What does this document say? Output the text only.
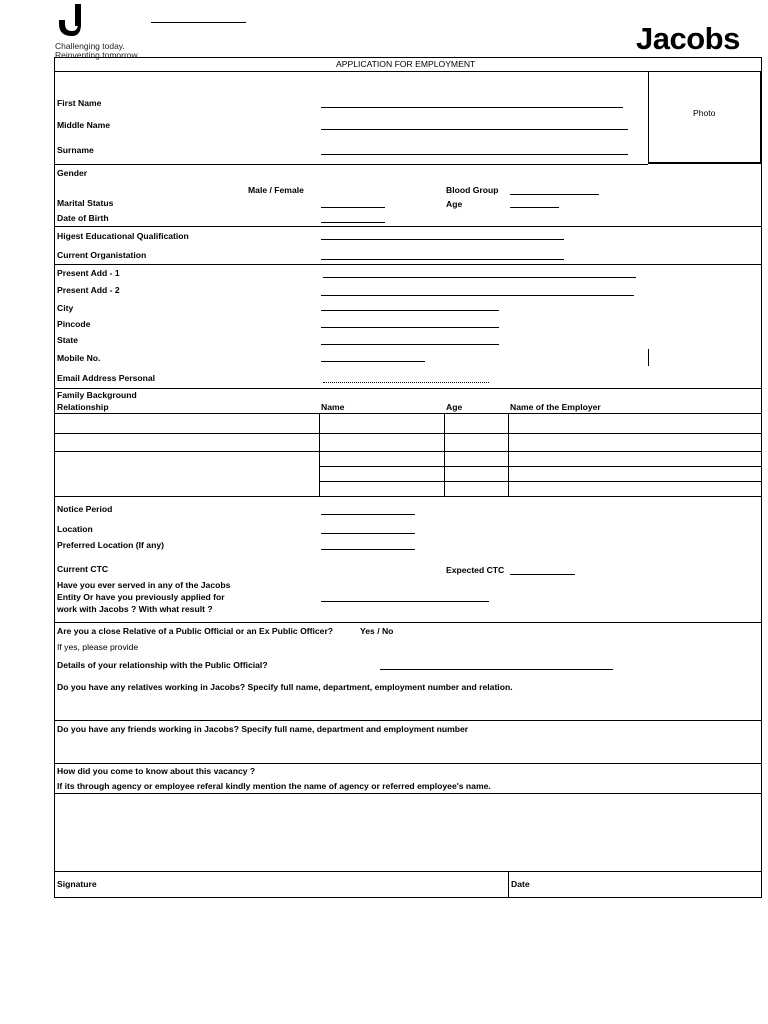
Challenging today.
Reinventing tomorrow	Jacobs
APPLICATION FOR EMPLOYMENT
Photo
First Name
Middle Name
Surname
Gender
Male / Female	Blood Group
Marital Status	Age
Date of Birth
Higest Educational Qualification
Current Organistation
Present Add - 1
Present Add - 2
City
Pincode
State
Mobile No.
Email Address Personal
Family Background
Relationship	Name	Age	Name of the Employer
Notice Period
Location
Preferred Location (If any)
Current CTC	Expected CTC
Have you ever served in any of the Jacobs
Entity Or have you previously applied for
work with Jacobs ? With what result ?
Are you a close Relative of a Public Official or an Ex Public Officer?	Yes / No
If yes, please provide
Details of your relationship with the Public Official?
Do you have any relatives working in Jacobs? Specify full name, department, employment number and relation.
Do you have any friends working in Jacobs? Specify full name, department and employment number
How did you come to know about this vacancy ?
If its through agency or employee referal kindly mention the name of agency or referred employee's name.
Signature	Date
